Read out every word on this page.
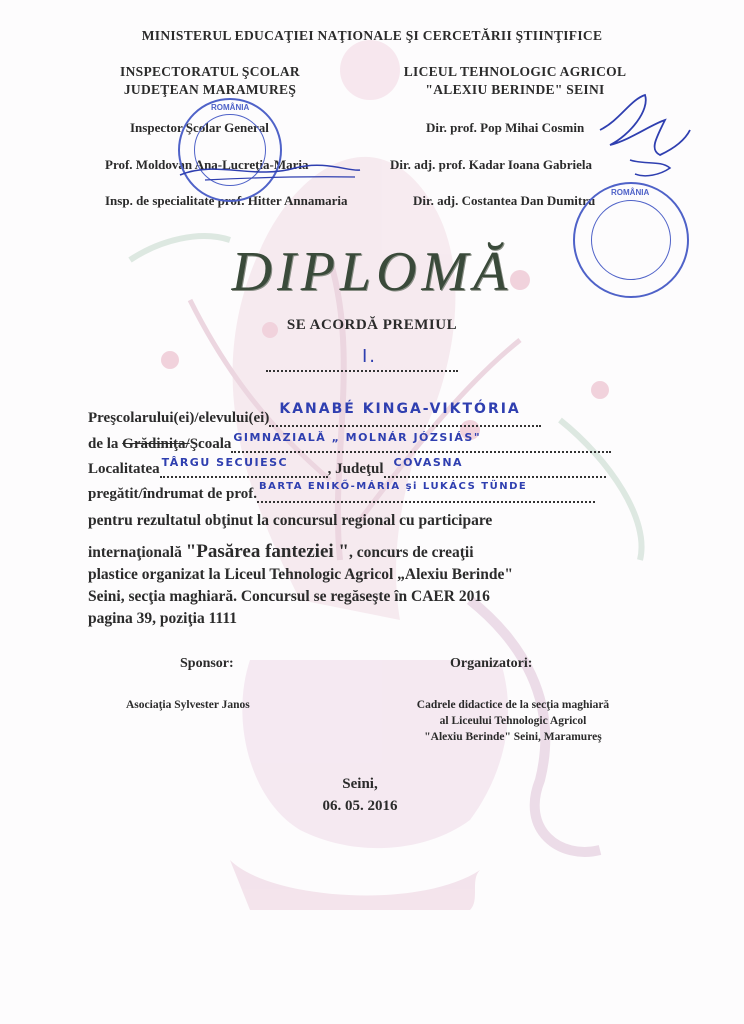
MINISTERUL EDUCAŢIEI NAŢIONALE ŞI CERCETĂRII ŞTIINŢIFICE
INSPECTORATUL ŞCOLAR
JUDEŢEAN MARAMUREŞ
LICEUL TEHNOLOGIC AGRICOL
"ALEXIU BERINDE" SEINI
Inspector Şcolar General
Prof. Moldovan Ana-Lucreţia-Maria
Insp. de specialitate prof. Hitter Annamaria
Dir. prof. Pop Mihai Cosmin
Dir. adj. prof. Kadar Ioana Gabriela
Dir. adj. Costantea Dan Dumitru
ROMÂNIA
ROMÂNIA
DIPLOMĂ
SE ACORDĂ PREMIUL
I.
Preşcolarului(ei)/elevului(ei)
KANABÉ KINGA-VIKTÓRIA
de la Grădiniţa/Şcoala GIMNAZIALĂ „ MOLNÁR JÓZSIÁS"
Localitatea TÂRGU SECUIESC	, Judeţul COVASNA
pregătit/îndrumat de prof. BARTA ENIKŐ-MÁRIA şi LUKÁCS TÜNDE
pentru rezultatul obţinut la concursul regional cu participare
internaţională "Pasărea fanteziei ", concurs de creaţii
plastice organizat la Liceul Tehnologic Agricol „Alexiu Berinde"
Seini, secţia maghiară. Concursul se regăseşte în CAER 2016
pagina 39, poziţia 1111
Sponsor:
Asociaţia Sylvester Janos
Organizatori:
Cadrele didactice de la secţia maghiară
al Liceului Tehnologic Agricol
"Alexiu Berinde" Seini, Maramureş
Seini,
06. 05. 2016
